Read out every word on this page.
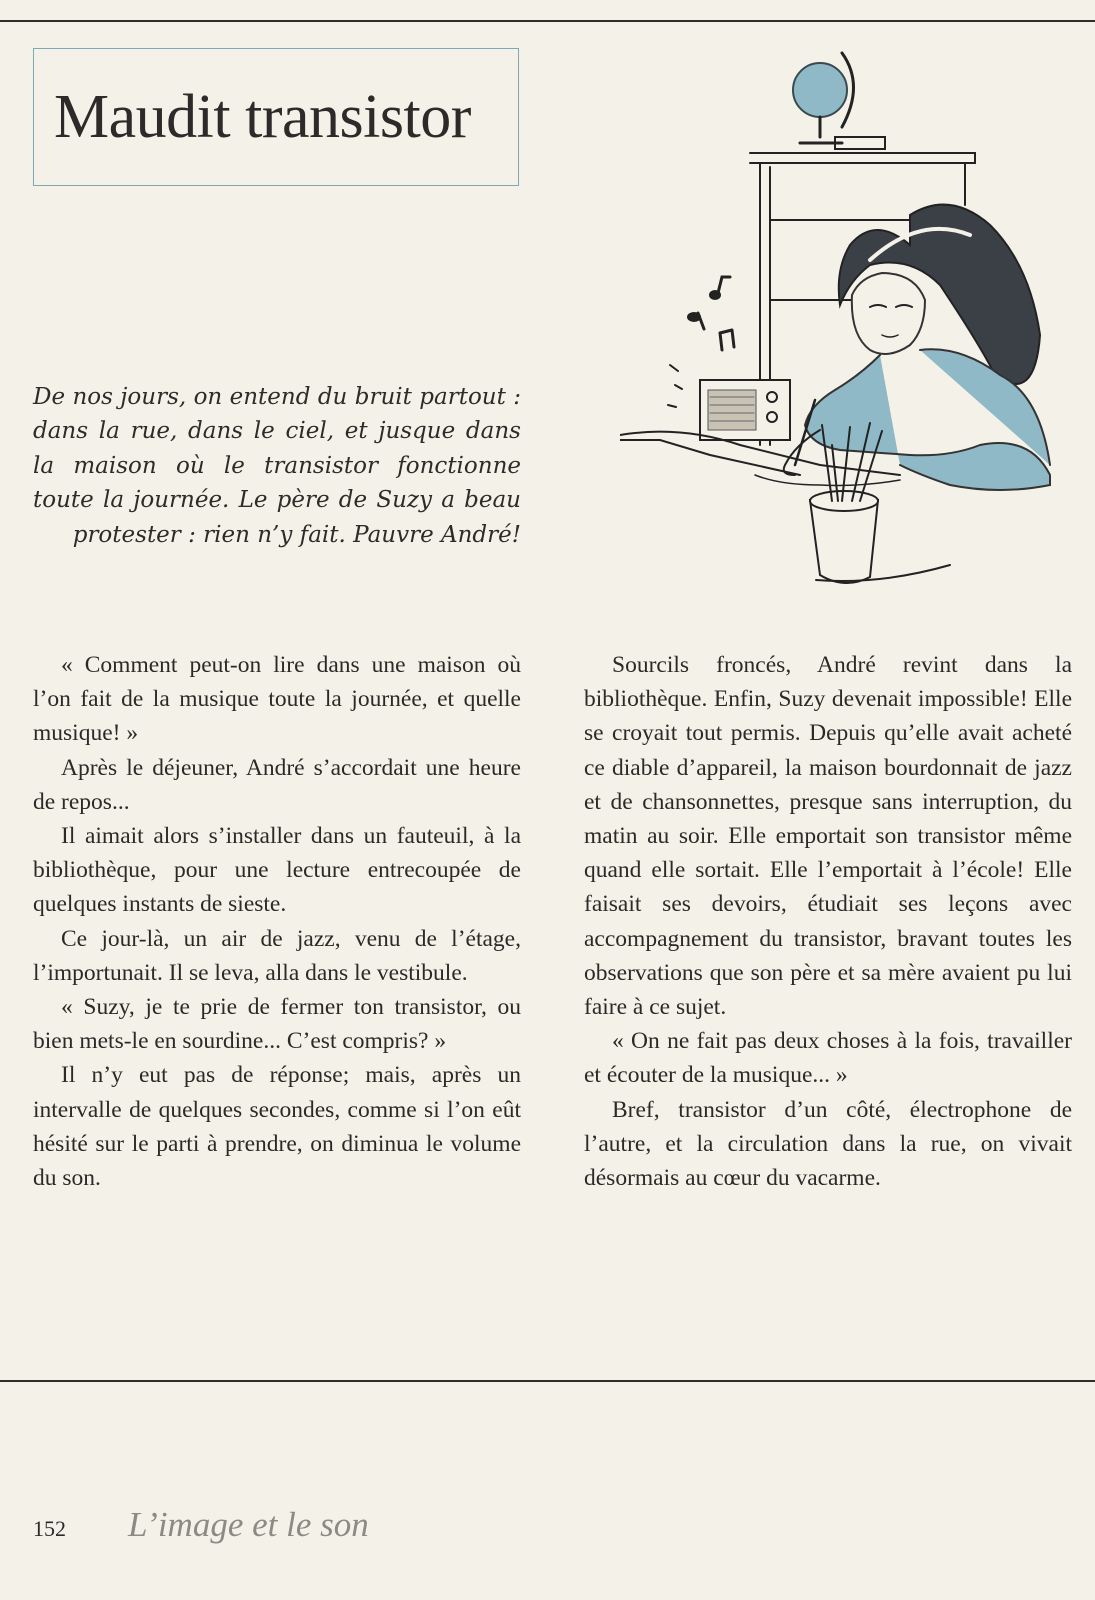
Maudit transistor

De nos jours, on entend du bruit partout : dans la rue, dans le ciel, et jusque dans la maison où le transistor fonctionne toute la journée. Le père de Suzy a beau protester : rien n’y fait. Pauvre André!

« Comment peut-on lire dans une maison où l’on fait de la musique toute la journée, et quelle musique! »

Après le déjeuner, André s’accordait une heure de repos...

Il aimait alors s’installer dans un fauteuil, à la bibliothèque, pour une lecture entrecoupée de quelques instants de sieste.

Ce jour-là, un air de jazz, venu de l’étage, l’importunait. Il se leva, alla dans le vestibule.

« Suzy, je te prie de fermer ton transistor, ou bien mets-le en sourdine... C’est compris? »

Il n’y eut pas de réponse; mais, après un intervalle de quelques secondes, comme si l’on eût hésité sur le parti à prendre, on diminua le volume du son.

Sourcils froncés, André revint dans la bibliothèque. Enfin, Suzy devenait impossible! Elle se croyait tout permis. Depuis qu’elle avait acheté ce diable d’appareil, la maison bourdonnait de jazz et de chansonnettes, presque sans interruption, du matin au soir. Elle emportait son transistor même quand elle sortait. Elle l’emportait à l’école! Elle faisait ses devoirs, étudiait ses leçons avec accompagnement du transistor, bravant toutes les observations que son père et sa mère avaient pu lui faire à ce sujet.

« On ne fait pas deux choses à la fois, travailler et écouter de la musique... »

Bref, transistor d’un côté, électrophone de l’autre, et la circulation dans la rue, on vivait désormais au cœur du vacarme.

152 L’image et le son
